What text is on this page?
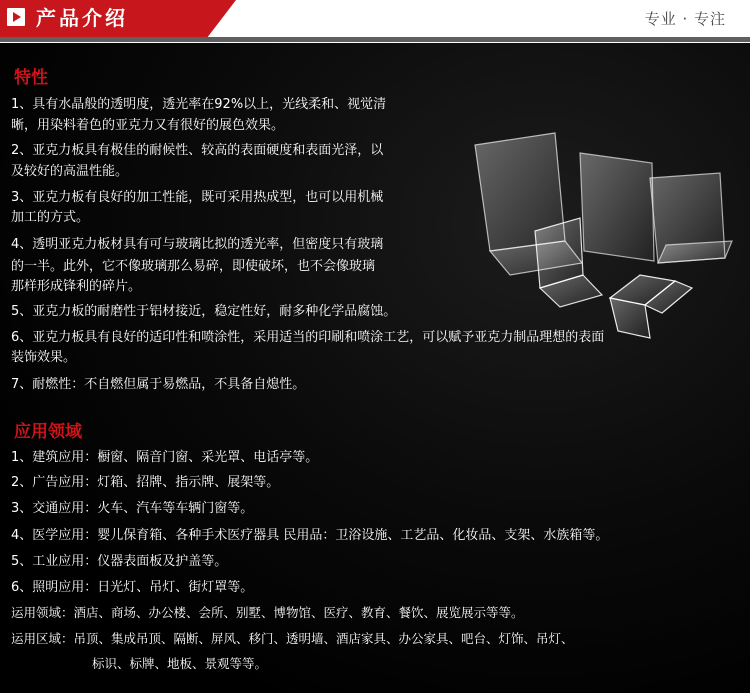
产品介绍	专业 · 专注
特性
1、具有水晶般的透明度，透光率在92%以上，光线柔和、视觉清
晰，用染料着色的亚克力又有很好的展色效果。
2、亚克力板具有极佳的耐候性、较高的表面硬度和表面光泽，以
及较好的高温性能。
3、亚克力板有良好的加工性能，既可采用热成型，也可以用机械
加工的方式。
4、透明亚克力板材具有可与玻璃比拟的透光率，但密度只有玻璃
的一半。此外，它不像玻璃那么易碎，即使破坏，也不会像玻璃
那样形成锋利的碎片。
5、亚克力板的耐磨性于铝材接近，稳定性好，耐多种化学品腐蚀。
6、亚克力板具有良好的适印性和喷涂性，采用适当的印刷和喷涂工艺，可以赋予亚克力制品理想的表面
装饰效果。
7、耐燃性：不自燃但属于易燃品，不具备自熄性。
应用领域
1、建筑应用：橱窗、隔音门窗、采光罩、电话亭等。
2、广告应用：灯箱、招牌、指示牌、展架等。
3、交通应用：火车、汽车等车辆门窗等。
4、医学应用：婴儿保育箱、各种手术医疗器具 民用品：卫浴设施、工艺品、化妆品、支架、水族箱等。
5、工业应用：仪器表面板及护盖等。
6、照明应用：日光灯、吊灯、街灯罩等。
运用领域：酒店、商场、办公楼、会所、别墅、博物馆、医疗、教育、餐饮、展览展示等等。
运用区域：吊顶、集成吊顶、隔断、屏风、移门、透明墙、酒店家具、办公家具、吧台、灯饰、吊灯、
标识、标牌、地板、景观等等。
